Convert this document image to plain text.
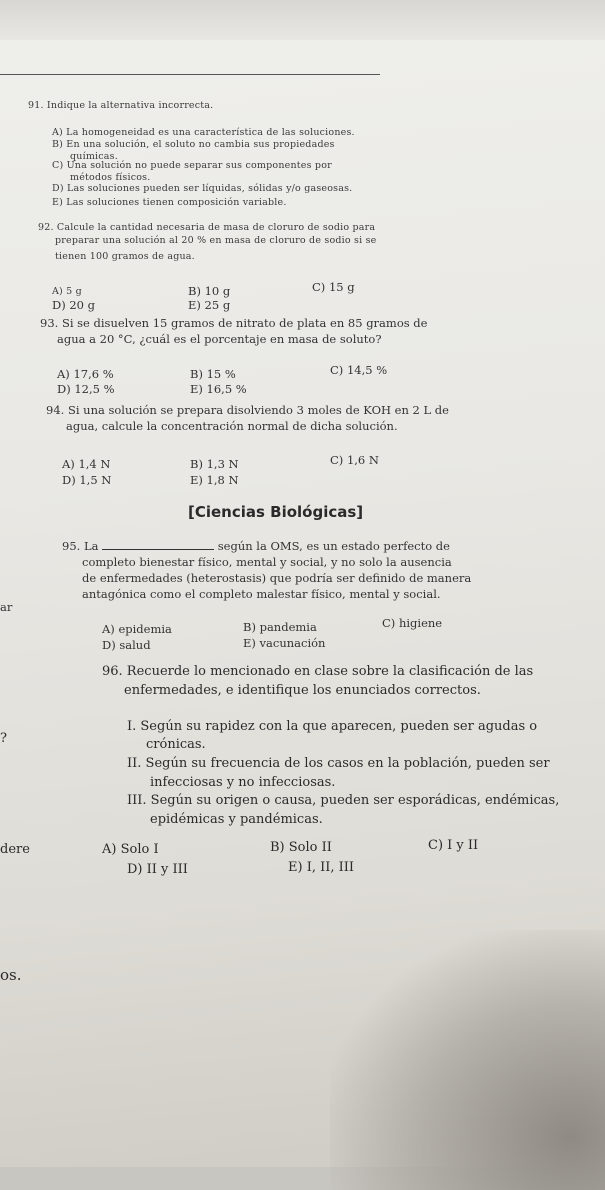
91. Indique la alternativa incorrecta.
A) La homogeneidad es una característica de las soluciones.
B) En una solución, el soluto no cambia sus propiedades
químicas.
C) Una solución no puede separar sus componentes por
métodos físicos.
D) Las soluciones pueden ser líquidas, sólidas y/o gaseosas.
E) Las soluciones tienen composición variable.
92. Calcule la cantidad necesaria de masa de cloruro de sodio para
preparar una solución al 20 % en masa de cloruro de sodio si se
tienen 100 gramos de agua.
A) 5 g	B) 10 g	C) 15 g
D) 20 g	E) 25 g
93. Si se disuelven 15 gramos de nitrato de plata en 85 gramos de
agua a 20 °C, ¿cuál es el porcentaje en masa de soluto?
A) 17,6 %	B) 15 %	C) 14,5 %
D) 12,5 %	E) 16,5 %
94. Si una solución se prepara disolviendo 3 moles de KOH en 2 L de
agua, calcule la concentración normal de dicha solución.
A) 1,4 N	B) 1,3 N	C) 1,6 N
D) 1,5 N	E) 1,8 N
[Ciencias Biológicas]
95. La	según la OMS, es un estado perfecto de
completo bienestar físico, mental y social, y no solo la ausencia
de enfermedades (heterostasis) que podría ser definido de manera
antagónica como el completo malestar físico, mental y social.
A) epidemia	B) pandemia	C) higiene
D) salud	E) vacunación
96. Recuerde lo mencionado en clase sobre la clasificación de las
enfermedades, e identifique los enunciados correctos.
I. Según su rapidez con la que aparecen, pueden ser agudas o
crónicas.
II. Según su frecuencia de los casos en la población, pueden ser
infecciosas y no infecciosas.
III. Según su origen o causa, pueden ser esporádicas, endémicas,
epidémicas y pandémicas.
A) Solo I	B) Solo II	C) I y II
D) II y III	E) I, II, III
ar
?
dere
os.
